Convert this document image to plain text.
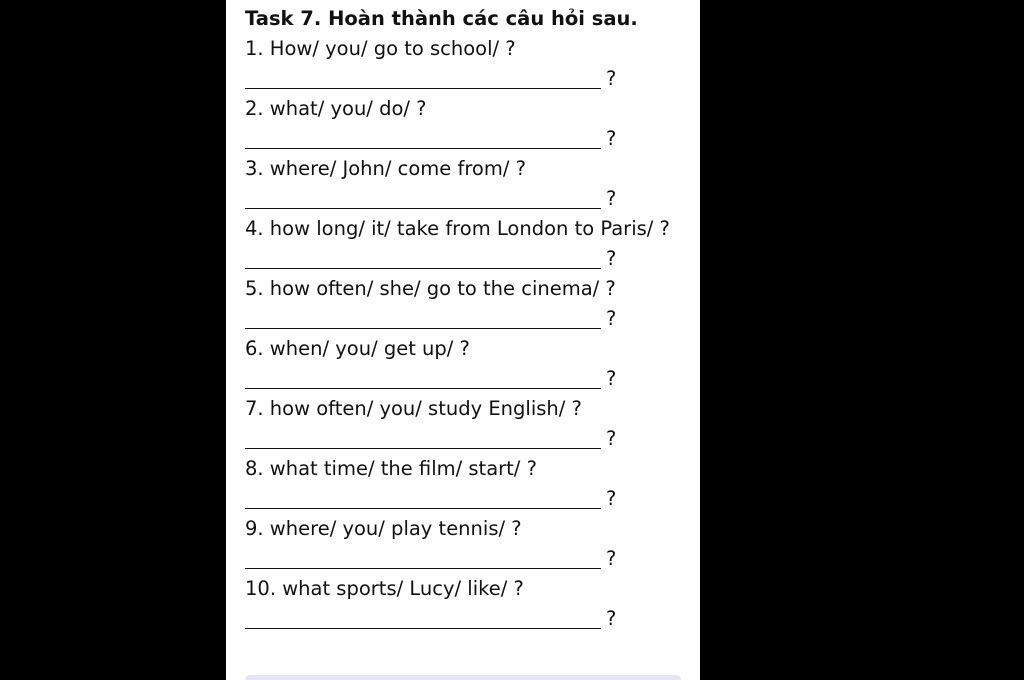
Task 7. Hoàn thành các câu hỏi sau.
1. How/ you/ go to school/ ?
?
2. what/ you/ do/ ?
?
3. where/ John/ come from/ ?
?
4. how long/ it/ take from London to Paris/ ?
?
5. how often/ she/ go to the cinema/ ?
?
6. when/ you/ get up/ ?
?
7. how often/ you/ study English/ ?
?
8. what time/ the film/ start/ ?
?
9. where/ you/ play tennis/ ?
?
10. what sports/ Lucy/ like/ ?
?
